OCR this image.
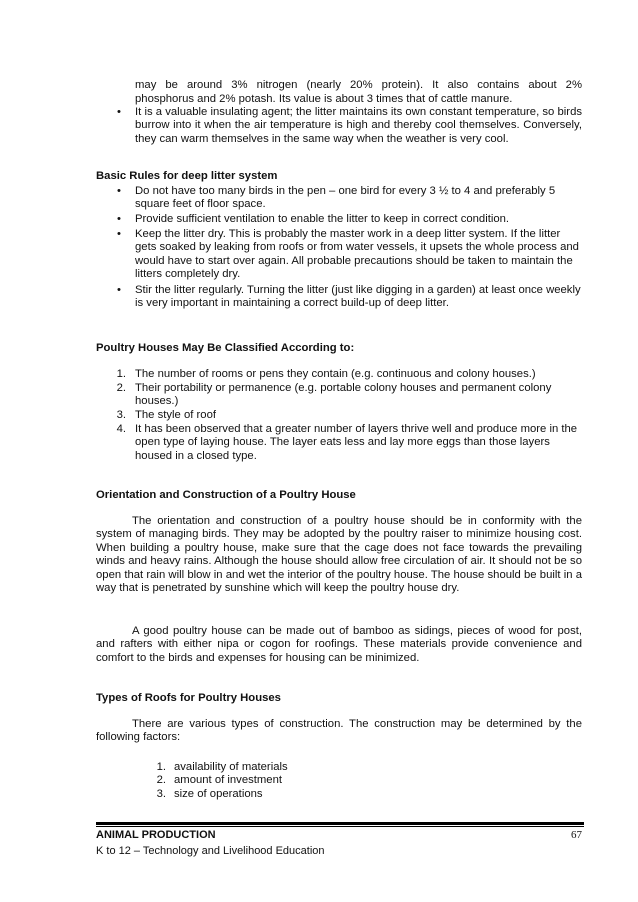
may be around 3% nitrogen (nearly 20% protein). It also contains about 2%
phosphorus and 2% potash. Its value is about 3 times that of cattle manure.
•	It is a valuable insulating agent; the litter maintains its own constant temperature, so birds burrow into it when the air temperature is high and thereby cool themselves. Conversely, they can warm themselves in the same way when the weather is very cool.
Basic Rules for deep litter system
•	Do not have too many birds in the pen – one bird for every 3 ½ to 4 and preferably 5 square feet of floor space.
•	Provide sufficient ventilation to enable the litter to keep in correct condition.
•	Keep the litter dry. This is probably the master work in a deep litter system. If the litter gets soaked by leaking from roofs or from water vessels, it upsets the whole process and would have to start over again. All probable precautions should be taken to maintain the litters completely dry.
•	Stir the litter regularly. Turning the litter (just like digging in a garden) at least once weekly is very important in maintaining a correct build-up of deep litter.
Poultry Houses May Be Classified According to:
1. The number of rooms or pens they contain (e.g. continuous and colony houses.)
2. Their portability or permanence (e.g. portable colony houses and permanent colony houses.)
3. The style of roof
4. It has been observed that a greater number of layers thrive well and produce more in the open type of laying house. The layer eats less and lay more eggs than those layers housed in a closed type.
Orientation and Construction of a Poultry House
The orientation and construction of a poultry house should be in conformity with the system of managing birds. They may be adopted by the poultry raiser to minimize housing cost. When building a poultry house, make sure that the cage does not face towards the prevailing winds and heavy rains. Although the house should allow free circulation of air. It should not be so open that rain will blow in and wet the interior of the poultry house. The house should be built in a way that is penetrated by sunshine which will keep the poultry house dry.
A good poultry house can be made out of bamboo as sidings, pieces of wood for post, and rafters with either nipa or cogon for roofings. These materials provide convenience and comfort to the birds and expenses for housing can be minimized.
Types of Roofs for Poultry Houses
There are various types of construction. The construction may be determined by the following factors:
1. availability of materials
2. amount of investment
3. size of operations
ANIMAL PRODUCTION	67
K to 12 – Technology and Livelihood Education
